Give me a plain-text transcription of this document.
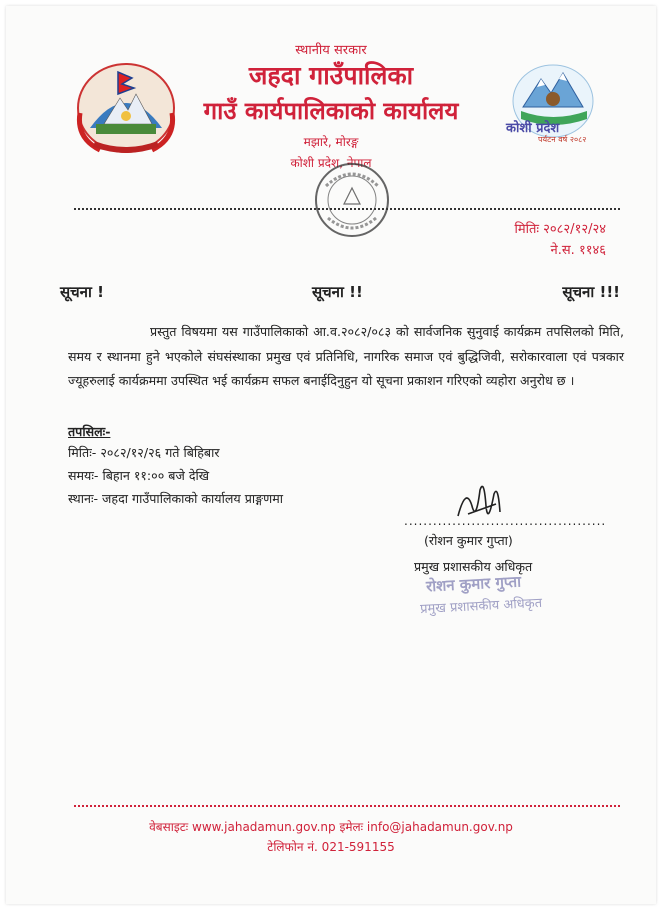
कोशी प्रदेश
पर्यटन वर्ष २०८२
स्थानीय सरकार
जहदा गाउँपालिका
गाउँ कार्यपालिकाको कार्यालय
मझारे, मोरङ्ग
कोशी प्रदेश, नेपाल
मितिः २०८२/१२/२४
ने.स. ११४६
सूचना !	सूचना !!	सूचना !!!
प्रस्तुत विषयमा यस गाउँपालिकाको आ.व.२०८२/०८३ को सार्वजनिक सुनुवाई कार्यक्रम तपसिलको मिति, समय र स्थानमा हुने भएकोले संघसंस्थाका प्रमुख एवं प्रतिनिधि, नागरिक समाज एवं बुद्धिजिवी, सरोकारवाला एवं पत्रकार ज्यूहरुलाई कार्यक्रममा उपस्थित भई कार्यक्रम सफल बनाईदिनुहुन यो सूचना प्रकाशन गरिएको व्यहोरा अनुरोध छ ।
तपसिलः-
मितिः- २०८२/१२/२६ गते बिहिबार
समयः- बिहान ११:०० बजे देखि
स्थानः- जहदा गाउँपालिकाको कार्यालय प्राङ्गणमा
..........................................
(रोशन कुमार गुप्ता)
प्रमुख प्रशासकीय अधिकृत
रोशन कुमार गुप्ता
प्रमुख प्रशासकीय अधिकृत
वेबसाइटः www.jahadamun.gov.np इमेलः info@jahadamun.gov.np
टेलिफोन नं. 021-591155
